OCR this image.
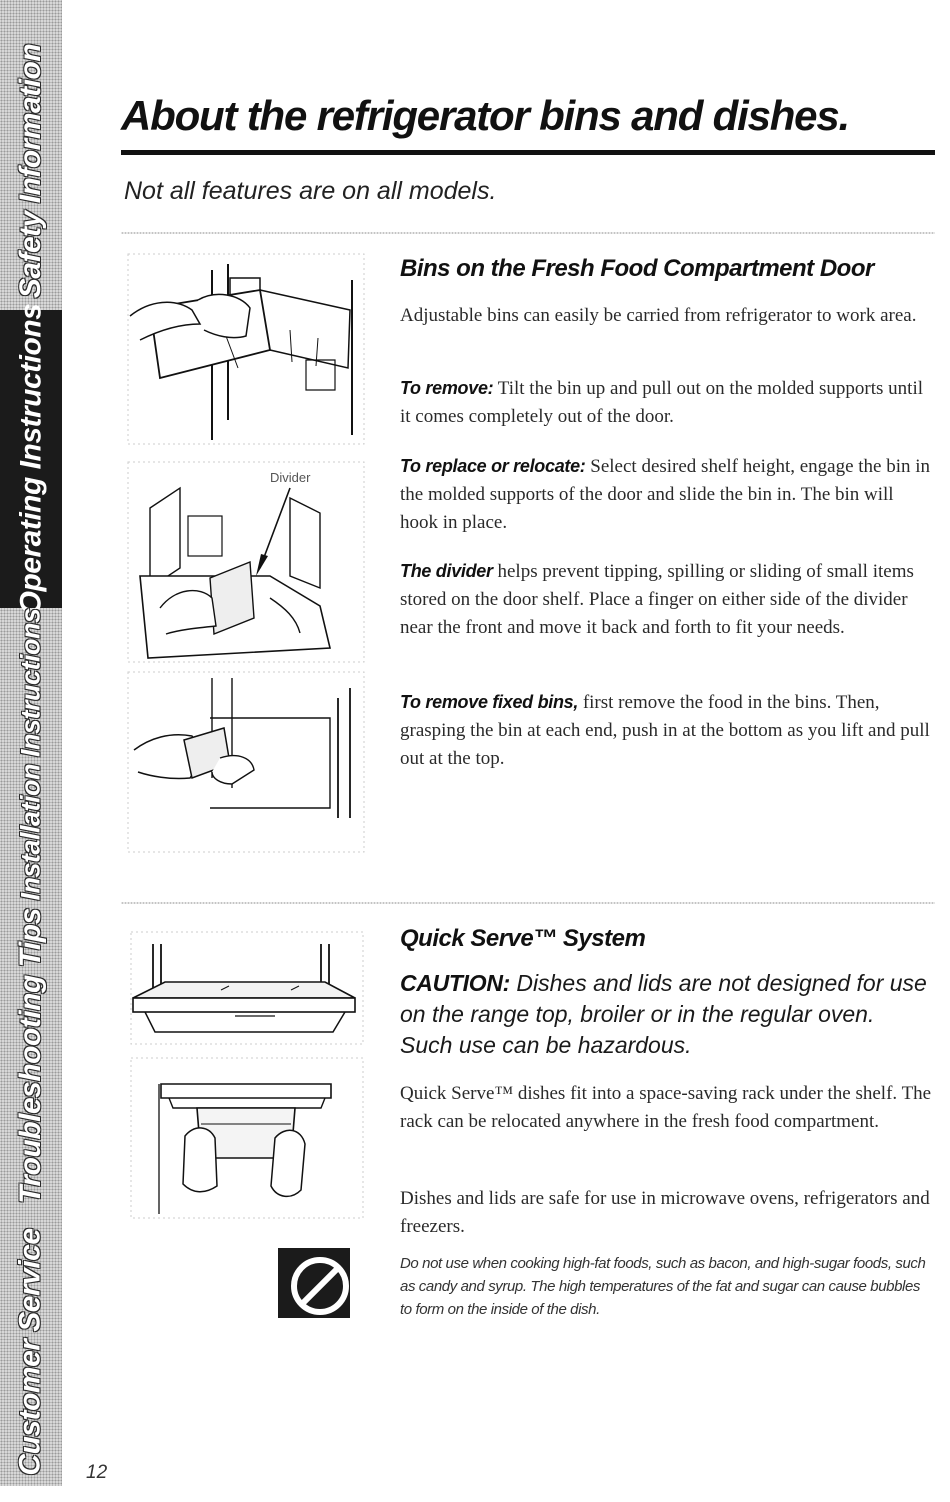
Safety Information
Operating Instructions
Installation Instructions
Troubleshooting Tips
Customer Service 12
About the refrigerator bins and dishes.
Not all features are on all models.
Divider
Bins on the Fresh Food Compartment Door

Adjustable bins can easily be carried from refrigerator to work area.

To remove: Tilt the bin up and pull out on the molded supports until it comes completely out of the door.

To replace or relocate: Select desired shelf height, engage the bin in the molded supports of the door and slide the bin in. The bin will hook in place.

The divider helps prevent tipping, spilling or sliding of small items stored on the door shelf. Place a finger on either side of the divider near the front and move it back and forth to fit your needs.

To remove fixed bins, first remove the food in the bins. Then, grasping the bin at each end, push in at the bottom as you lift and pull out at the top.

Quick Serve™ System

CAUTION: Dishes and lids are not designed for use on the range top, broiler or in the regular oven. Such use can be hazardous.

Quick Serve™ dishes fit into a space-saving rack under the shelf. The rack can be relocated anywhere in the fresh food compartment.

Dishes and lids are safe for use in microwave ovens, refrigerators and freezers.

Do not use when cooking high-fat foods, such as bacon, and high-sugar foods, such as candy and syrup. The high temperatures of the fat and sugar can cause bubbles to form on the inside of the dish.
